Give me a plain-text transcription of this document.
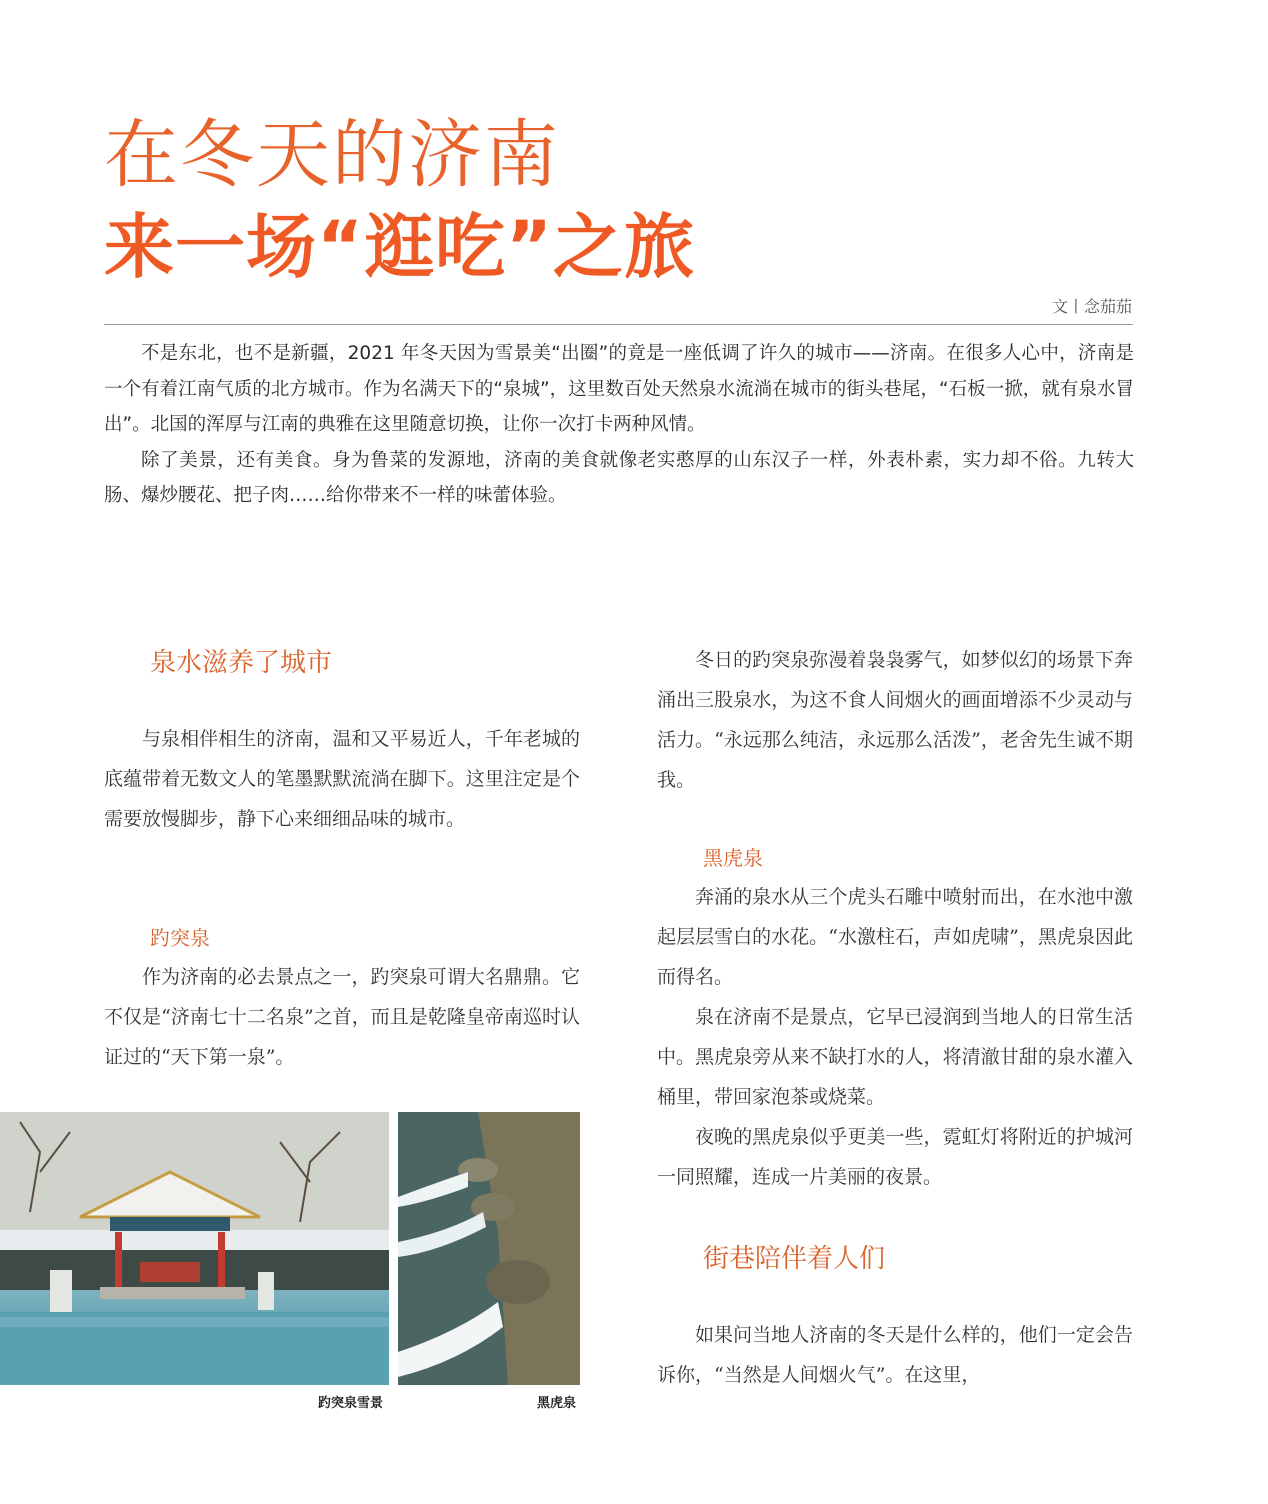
在冬天的济南
来一场“逛吃”之旅
文丨念茄茄

不是东北，也不是新疆，2021 年冬天因为雪景美“出圈”的竟是一座低调了许久的城市——济南。在很多人心中，济南是一个有着江南气质的北方城市。作为名满天下的“泉城”，这里数百处天然泉水流淌在城市的街头巷尾，“石板一掀，就有泉水冒出”。北国的浑厚与江南的典雅在这里随意切换，让你一次打卡两种风情。

除了美景，还有美食。身为鲁菜的发源地，济南的美食就像老实憨厚的山东汉子一样，外表朴素，实力却不俗。九转大肠、爆炒腰花、把子肉……给你带来不一样的味蕾体验。

泉水滋养了城市

与泉相伴相生的济南，温和又平易近人，千年老城的底蕴带着无数文人的笔墨默默流淌在脚下。这里注定是个需要放慢脚步，静下心来细细品味的城市。

趵突泉

作为济南的必去景点之一，趵突泉可谓大名鼎鼎。它不仅是“济南七十二名泉”之首，而且是乾隆皇帝南巡时认证过的“天下第一泉”。

趵突泉雪景	黑虎泉

冬日的趵突泉弥漫着袅袅雾气，如梦似幻的场景下奔涌出三股泉水，为这不食人间烟火的画面增添不少灵动与活力。“永远那么纯洁，永远那么活泼”，老舍先生诚不期我。

黑虎泉

奔涌的泉水从三个虎头石雕中喷射而出，在水池中激起层层雪白的水花。“水激柱石，声如虎啸”，黑虎泉因此而得名。

泉在济南不是景点，它早已浸润到当地人的日常生活中。黑虎泉旁从来不缺打水的人，将清澈甘甜的泉水灌入桶里，带回家泡茶或烧菜。

夜晚的黑虎泉似乎更美一些，霓虹灯将附近的护城河一同照耀，连成一片美丽的夜景。

街巷陪伴着人们

如果问当地人济南的冬天是什么样的，他们一定会告诉你，“当然是人间烟火气”。在这里，
